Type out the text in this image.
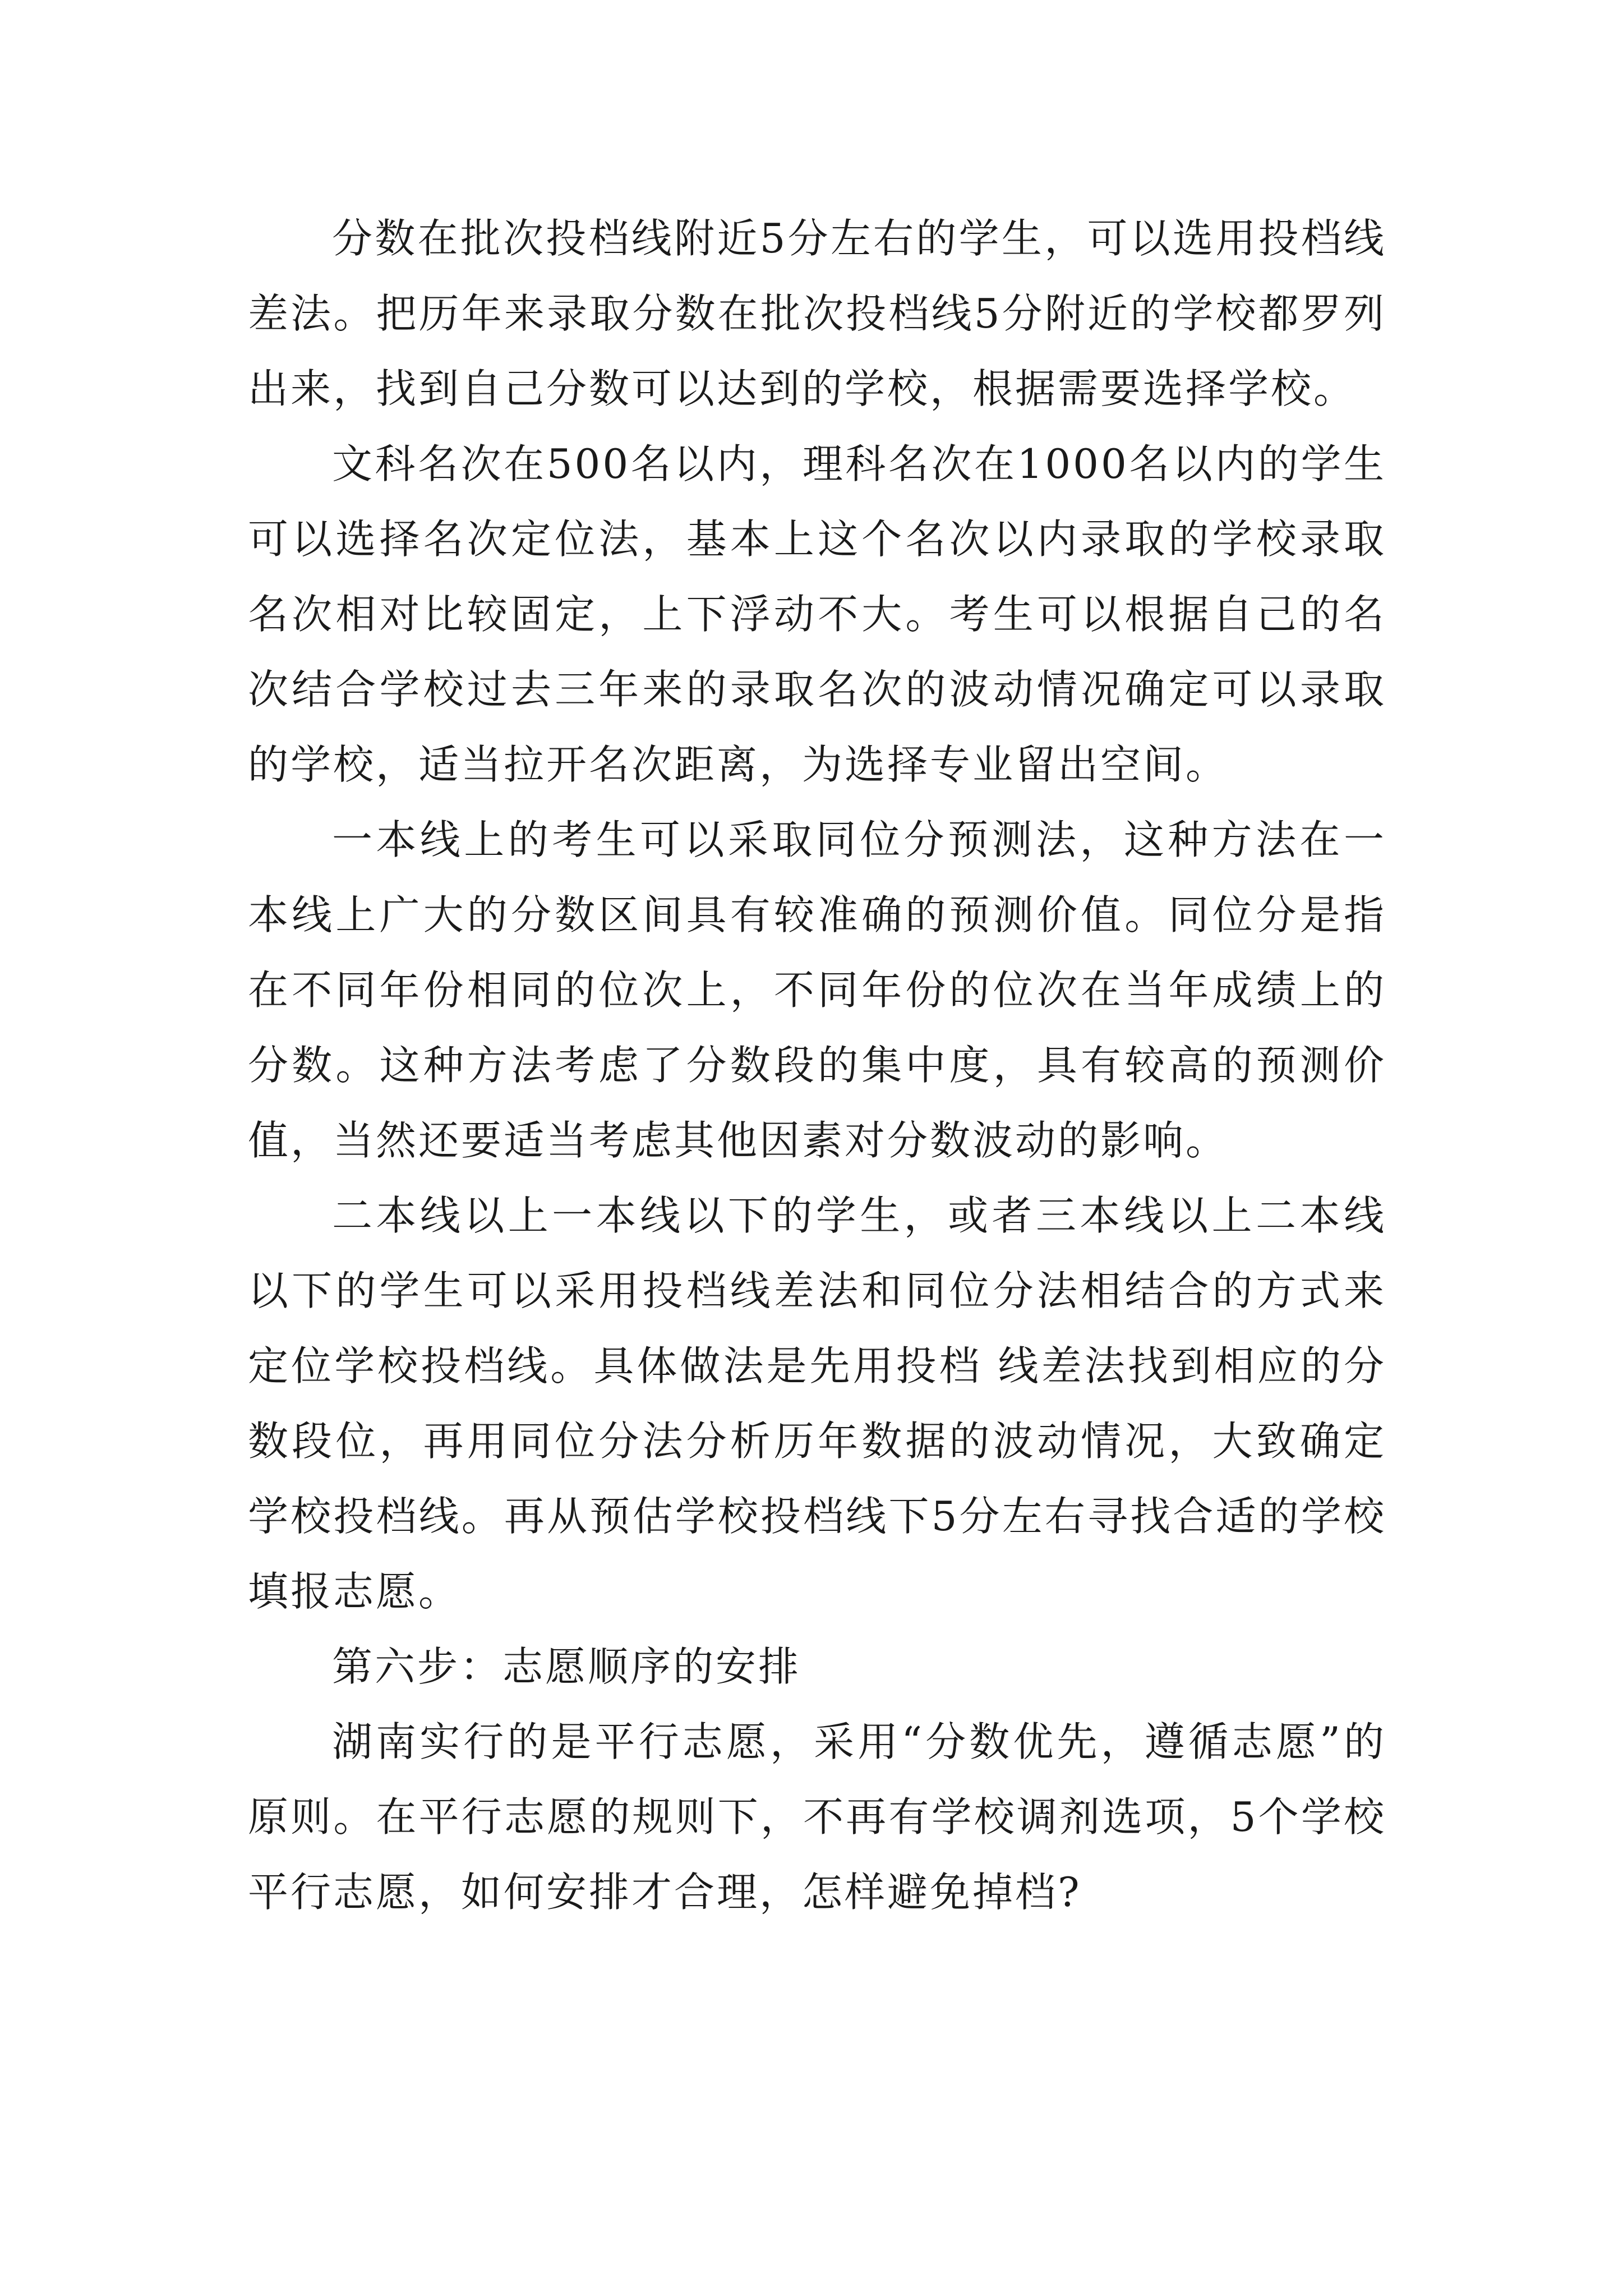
分数在批次投档线附近5分左右的学生，可以选用投档线差法。把历年来录取分数在批次投档线5分附近的学校都罗列出来，找到自己分数可以达到的学校，根据需要选择学校。

文科名次在500名以内，理科名次在1000名以内的学生可以选择名次定位法，基本上这个名次以内录取的学校录取名次相对比较固定，上下浮动不大。考生可以根据自己的名次结合学校过去三年来的录取名次的波动情况确定可以录取的学校，适当拉开名次距离，为选择专业留出空间。

一本线上的考生可以采取同位分预测法，这种方法在一本线上广大的分数区间具有较准确的预测价值。同位分是指在不同年份相同的位次上，不同年份的位次在当年成绩上的分数。这种方法考虑了分数段的集中度，具有较高的预测价值，当然还要适当考虑其他因素对分数波动的影响。

二本线以上一本线以下的学生，或者三本线以上二本线以下的学生可以采用投档线差法和同位分法相结合的方式来定位学校投档线。具体做法是先用投档 线差法找到相应的分数段位，再用同位分法分析历年数据的波动情况，大致确定学校投档线。再从预估学校投档线下5分左右寻找合适的学校填报志愿。

第六步：志愿顺序的安排

湖南实行的是平行志愿，采用“分数优先，遵循志愿”的原则。在平行志愿的规则下，不再有学校调剂选项，5个学校平行志愿，如何安排才合理，怎样避免掉档?
